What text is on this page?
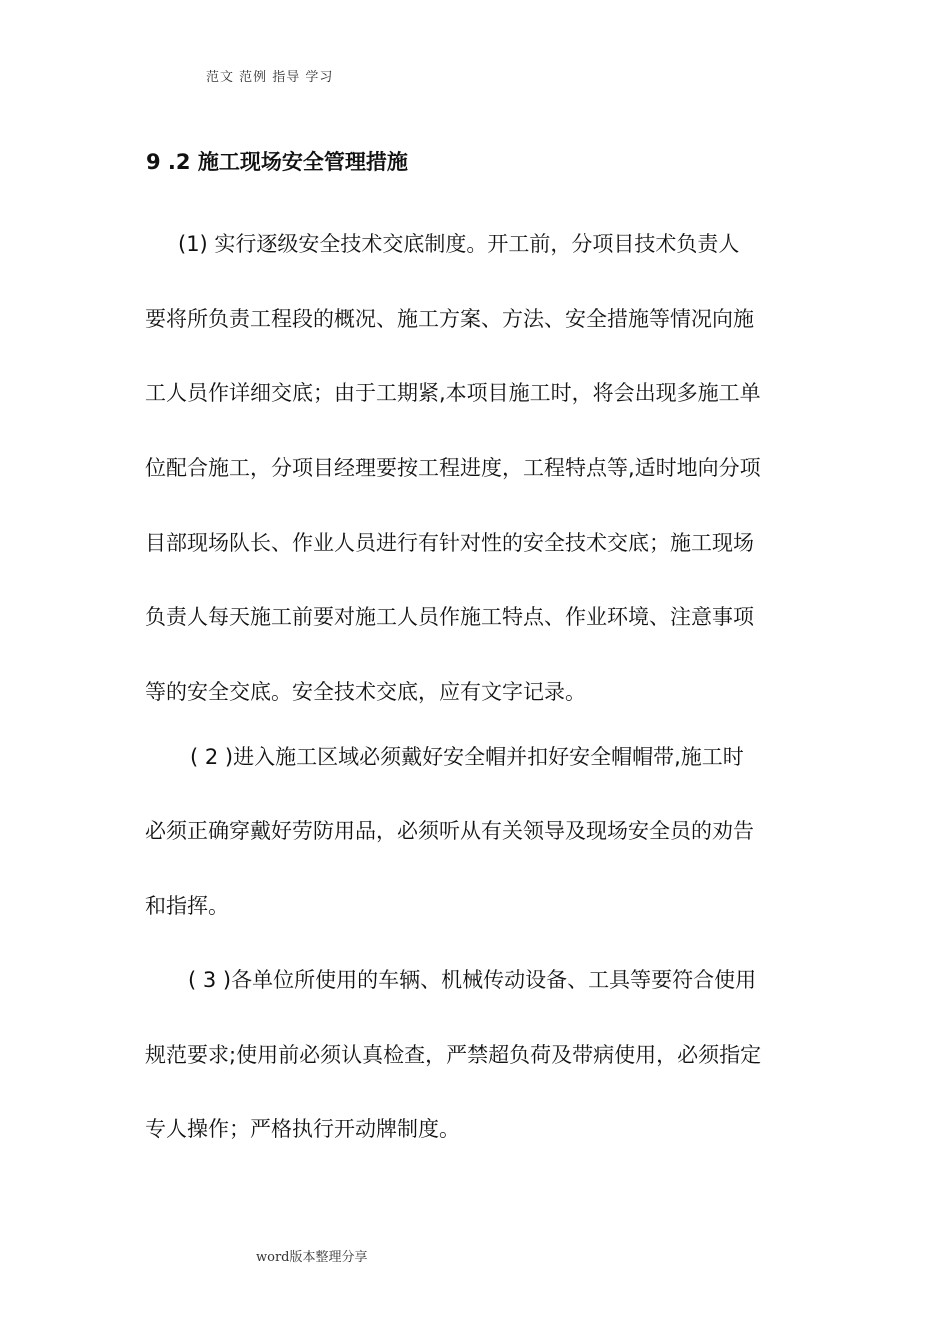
范文 范例 指导 学习
9 .2 施工现场安全管理措施
(1) 实行逐级安全技术交底制度。开工前，分项目技术负责人
要将所负责工程段的概况、施工方案、方法、安全措施等情况向施
工人员作详细交底；由于工期紧,本项目施工时，将会出现多施工单
位配合施工，分项目经理要按工程进度，工程特点等,适时地向分项
目部现场队长、作业人员进行有针对性的安全技术交底；施工现场
负责人每天施工前要对施工人员作施工特点、作业环境、注意事项
等的安全交底。安全技术交底，应有文字记录。
( 2 )进入施工区域必须戴好安全帽并扣好安全帽帽带,施工时
必须正确穿戴好劳防用品，必须听从有关领导及现场安全员的劝告
和指挥。
( 3 )各单位所使用的车辆、机械传动设备、工具等要符合使用
规范要求;使用前必须认真检查，严禁超负荷及带病使用，必须指定
专人操作；严格执行开动牌制度。
word版本整理分享
